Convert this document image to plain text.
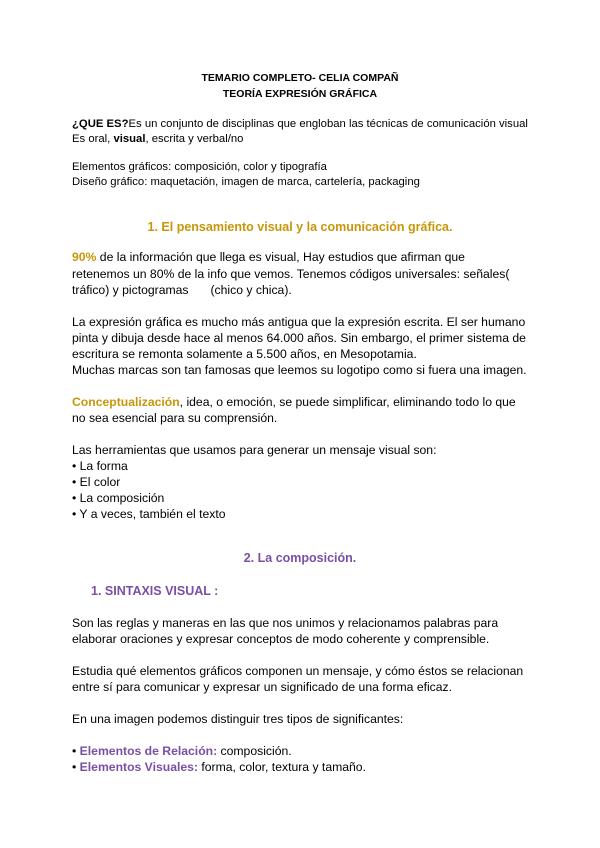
TEMARIO COMPLETO- CELIA COMPAÑ
TEORÍA EXPRESIÓN GRÁFICA
¿QUE ES?Es un conjunto de disciplinas que engloban las técnicas de comunicación visual
Es oral, visual, escrita y verbal/no
Elementos gráficos: composición, color y tipografía
Diseño gráfico: maquetación, imagen de marca, cartelería, packaging
1. El pensamiento visual y la comunicación gráfica.
90% de la información que llega es visual, Hay estudios que afirman que
retenemos un 80% de la info que vemos. Tenemos códigos universales: señales(
tráfico) y pictogramas (chico y chica).
La expresión gráfica es mucho más antigua que la expresión escrita. El ser humano
pinta y dibuja desde hace al menos 64.000 años. Sin embargo, el primer sistema de
escritura se remonta solamente a 5.500 años, en Mesopotamia.
Muchas marcas son tan famosas que leemos su logotipo como si fuera una imagen.
Conceptualización, idea, o emoción, se puede simplificar, eliminando todo lo que
no sea esencial para su comprensión.
Las herramientas que usamos para generar un mensaje visual son:
• La forma
• El color
• La composición
• Y a veces, también el texto
2. La composición.
1. SINTAXIS VISUAL :
Son las reglas y maneras en las que nos unimos y relacionamos palabras para
elaborar oraciones y expresar conceptos de modo coherente y comprensible.
Estudia qué elementos gráficos componen un mensaje, y cómo éstos se relacionan
entre sí para comunicar y expresar un significado de una forma eficaz.
En una imagen podemos distinguir tres tipos de significantes:
• Elementos de Relación: composición.
• Elementos Visuales: forma, color, textura y tamaño.
